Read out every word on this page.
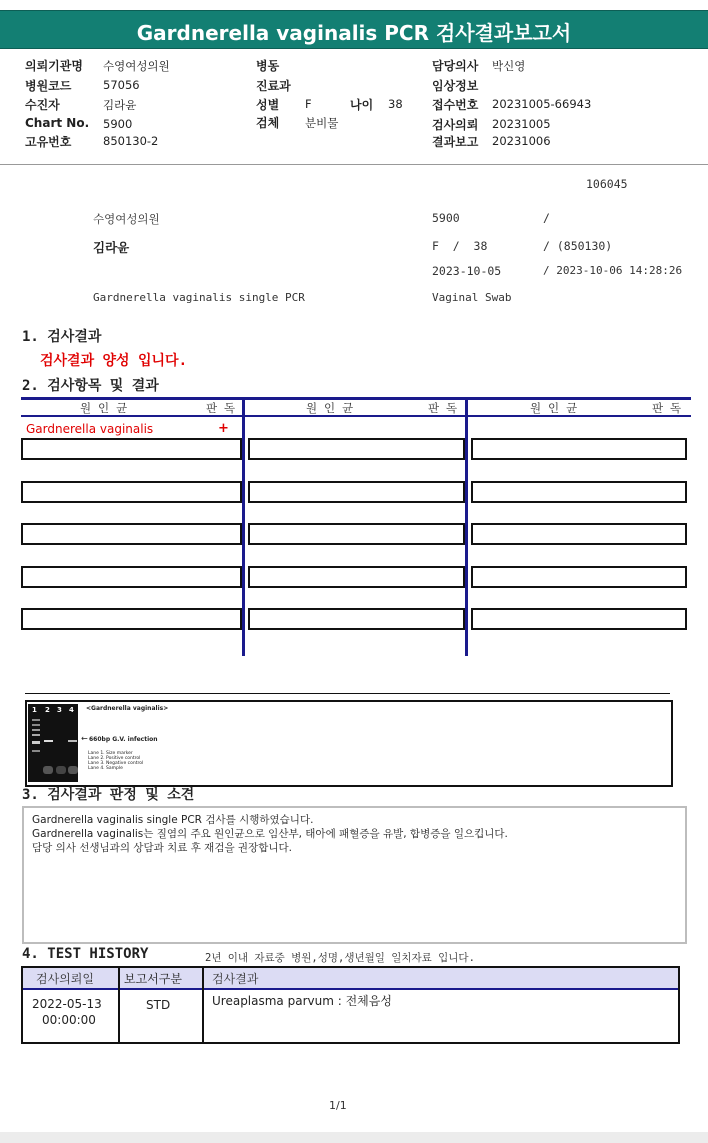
Gardnerella vaginalis PCR 검사결과보고서
의뢰기관명 수영여성의원
병원코드	57056
수진자	김라윤
Chart No. 5900
고유번호	850130-2
병동
진료과
성별 F	나이 38
검체 분비물
담당의사 박신영
임상정보
접수번호 20231005-66943
검사의뢰 20231005
결과보고 20231006
106045
수영여성의원	5900	/
김라윤	F  /  38	/ (850130)
2023-10-05	/ 2023-10-06 14:28:26
Gardnerella vaginalis single PCR	Vaginal Swab
1. 검사결과
검사결과 양성 입니다.
2. 검사항목 및 결과
원 인 균	판 독	원 인 균	판 독	원 인 균	판 독
Gardnerella vaginalis	+
1 2 3 4 <Gardnerella vaginalis>
← 660bp G.V. infection
Lane 1. Size marker
Lane 2. Positive control
Lane 3. Negative control
Lane 4. Sample
3. 검사결과 판정 및 소견
Gardnerella vaginalis single PCR 검사를 시행하였습니다.
Gardnerella vaginalis는 질염의 주요 원인균으로 임산부, 태아에 패혈증을 유발, 합병증을 일으킵니다.
담당 의사 선생님과의 상담과 치료 후 재검을 권장합니다.
4. TEST HISTORY	2년 이내 자료중 병원,성명,생년월일 일치자료 입니다.
검사의뢰일	보고서구분	검사결과
2022-05-13
00:00:00
STD	Ureaplasma parvum : 전체음성
1/1
